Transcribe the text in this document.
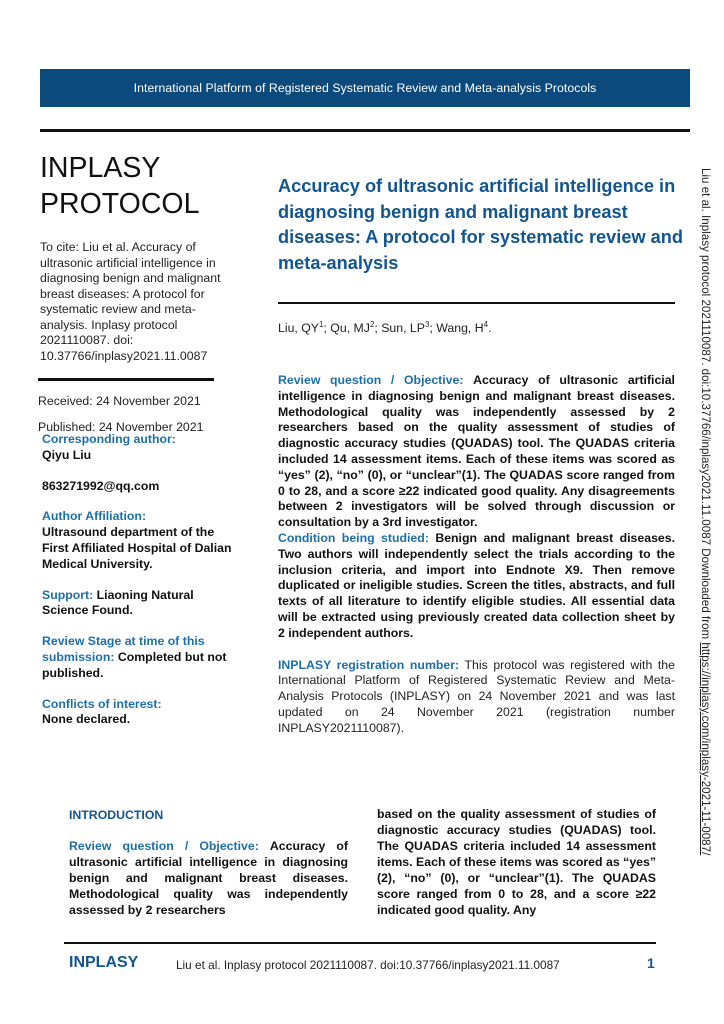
International Platform of Registered Systematic Review and Meta-analysis Protocols
INPLASY
PROTOCOL
To cite: Liu et al. Accuracy of ultrasonic artificial intelligence in diagnosing benign and malignant breast diseases: A protocol for systematic review and meta-analysis. Inplasy protocol 2021110087. doi: 10.37766/inplasy2021.11.0087
Received: 24 November 2021
Published: 24 November 2021
Corresponding author:
Qiyu Liu
863271992@qq.com
Author Affiliation:
Ultrasound department of the First Affiliated Hospital of Dalian Medical University.
Support: Liaoning Natural Science Found.
Review Stage at time of this submission: Completed but not published.
Conflicts of interest:
None declared.
Accuracy of ultrasonic artificial intelligence in diagnosing benign and malignant breast diseases: A protocol for systematic review and meta-analysis
Liu, $QY^1$; Qu, $MJ^2$; Sun, $LP^3$; Wang, $H^4$.

Review question / Objective: Accuracy of ultrasonic artificial intelligence in diagnosing benign and malignant breast diseases. Methodological quality was independently assessed by 2 researchers based on the quality assessment of studies of diagnostic accuracy studies (QUADAS) tool. The QUADAS criteria included 14 assessment items. Each of these items was scored as “yes” (2), “no” (0), or “unclear”(1). The QUADAS score ranged from 0 to 28, and a score ≥22 indicated good quality. Any disagreements between 2 investigators will be solved through discussion or consultation by a 3rd investigator.

Condition being studied: Benign and malignant breast diseases. Two authors will independently select the trials according to the inclusion criteria, and import into Endnote X9. Then remove duplicated or ineligible studies. Screen the titles, abstracts, and full texts of all literature to identify eligible studies. All essential data will be extracted using previously created data collection sheet by 2 independent authors.

INPLASY registration number: This protocol was registered with the International Platform of Registered Systematic Review and Meta-Analysis Protocols (INPLASY) on 24 November 2021 and was last updated on 24 November 2021 (registration number INPLASY2021110087).

INTRODUCTION

Review question / Objective: Accuracy of ultrasonic artificial intelligence in diagnosing benign and malignant breast diseases. Methodological quality was independently assessed by 2 researchers

based on the quality assessment of studies of diagnostic accuracy studies (QUADAS) tool. The QUADAS criteria included 14 assessment items. Each of these items was scored as “yes” (2), “no” (0), or “unclear”(1). The QUADAS score ranged from 0 to 28, and a score ≥22 indicated good quality. Any

INPLASY	Liu et al. Inplasy protocol 2021110087. doi:10.37766/inplasy2021.11.0087	1
Liu et al. Inplasy protocol 2021110087. doi:10.37766/inplasy2021.11.0087 Downloaded from https://inplasy.com/inplasy-2021-11-0087/
